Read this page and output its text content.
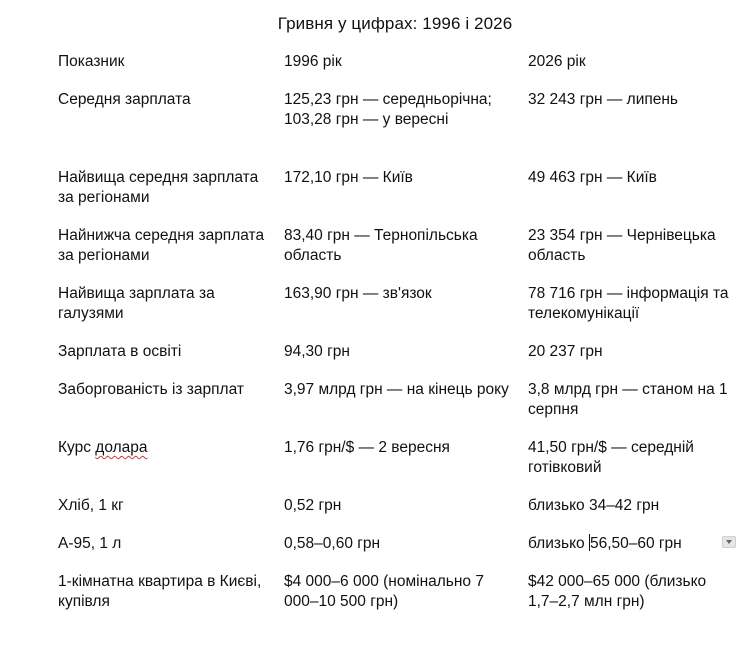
Гривня у цифрах: 1996 і 2026
Показник	1996 рік	2026 рік
Середня зарплата	125,23 грн — середньорічна; 103,28 грн — у вересні	32 243 грн — липень
Найвища середня зарплата за регіонами	172,10 грн — Київ	49 463 грн — Київ
Найнижча середня зарплата за регіонами	83,40 грн — Тернопільська область	23 354 грн — Чернівецька область
Найвища зарплата за галузями	163,90 грн — зв'язок	78 716 грн — інформація та телекомунікації
Зарплата в освіті	94,30 грн	20 237 грн
Заборгованість із зарплат	3,97 млрд грн — на кінець року	3,8 млрд грн — станом на 1 серпня
Курс долара	1,76 грн/$ — 2 вересня	41,50 грн/$ — середній готівковий
Хліб, 1 кг	0,52 грн	близько 34–42 грн
А-95, 1 л	0,58–0,60 грн	близько 56,50–60 грн

1-кімнатна квартира в Києві, купівля	$4 000–6 000 (номінально 7 000–10 500 грн)	$42 000–65 000 (близько 1,7–2,7 млн грн)
